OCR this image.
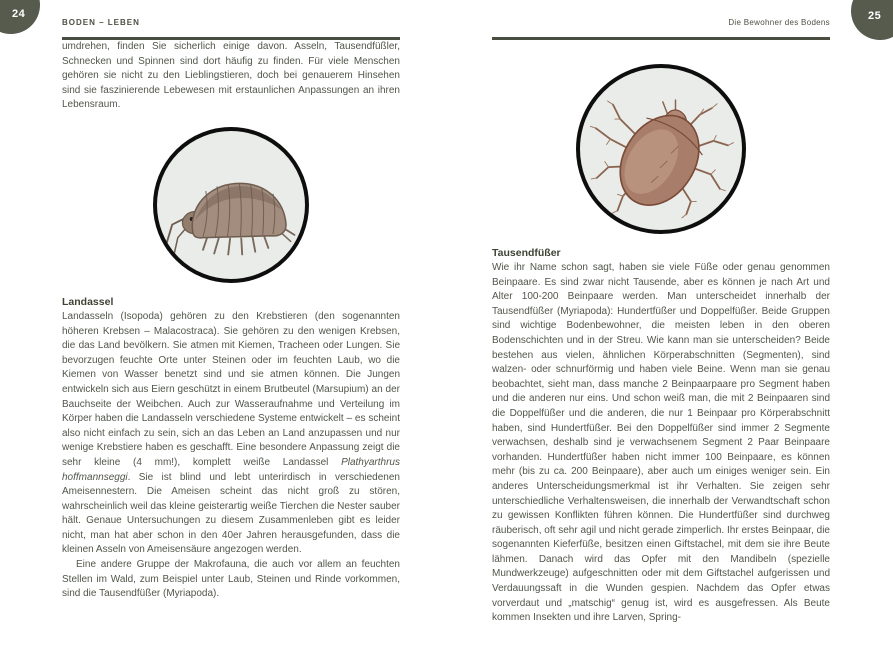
24	25
BODEN – LEBEN

umdrehen, finden Sie sicherlich einige davon. Asseln, Tausendfüßler, Schnecken und Spinnen sind dort häufig zu finden. Für viele Menschen gehören sie nicht zu den Lieblingstieren, doch bei genauerem Hinsehen sind sie faszinierende Lebewesen mit erstaunlichen Anpassungen an ihren Lebensraum.

Landassel

Landasseln (Isopoda) gehören zu den Krebstieren (den sogenannten höheren Krebsen – Malacostraca). Sie gehören zu den wenigen Krebsen, die das Land bevölkern. Sie atmen mit Kiemen, Tracheen oder Lungen. Sie bevorzugen feuchte Orte unter Steinen oder im feuchten Laub, wo die Kiemen von Wasser benetzt sind und sie atmen können. Die Jungen entwickeln sich aus Eiern geschützt in einem Brutbeutel (Marsupium) an der Bauchseite der Weibchen. Auch zur Wasseraufnahme und Verteilung im Körper haben die Landasseln verschiedene Systeme entwickelt – es scheint also nicht einfach zu sein, sich an das Leben an Land anzupassen und nur wenige Krebstiere haben es geschafft. Eine besondere Anpassung zeigt die sehr kleine (4 mm!), komplett weiße Landassel Plathyarthrus hoffmannseggi. Sie ist blind und lebt unterirdisch in verschiedenen Ameisennestern. Die Ameisen scheint das nicht groß zu stören, wahrscheinlich weil das kleine geisterartig weiße Tierchen die Nester sauber hält. Genaue Untersuchungen zu diesem Zusammenleben gibt es leider nicht, man hat aber schon in den 40er Jahren herausgefunden, dass die kleinen Asseln von Ameisensäure angezogen werden.

Eine andere Gruppe der Makrofauna, die auch vor allem an feuchten Stellen im Wald, zum Beispiel unter Laub, Steinen und Rinde vorkommen, sind die Tausendfüßer (Myriapoda).

Die Bewohner des Bodens
Tausendfüßer

Wie ihr Name schon sagt, haben sie viele Füße oder genau genommen Beinpaare. Es sind zwar nicht Tausende, aber es können je nach Art und Alter 100-200 Beinpaare werden. Man unterscheidet innerhalb der Tausendfüßer (Myriapoda): Hundertfüßer und Doppelfüßer. Beide Gruppen sind wichtige Bodenbewohner, die meisten leben in den oberen Bodenschichten und in der Streu. Wie kann man sie unterscheiden? Beide bestehen aus vielen, ähnlichen Körperabschnitten (Segmenten), sind walzen- oder schnurförmig und haben viele Beine. Wenn man sie genau beobachtet, sieht man, dass manche 2 Beinpaarpaare pro Segment haben und die anderen nur eins. Und schon weiß man, die mit 2 Beinpaaren sind die Doppelfüßer und die anderen, die nur 1 Beinpaar pro Körperabschnitt haben, sind Hundertfüßer. Bei den Doppelfüßer sind immer 2 Segmente verwachsen, deshalb sind je verwachsenem Segment 2 Paar Beinpaare vorhanden. Hundertfüßer haben nicht immer 100 Beinpaare, es können mehr (bis zu ca. 200 Beinpaare), aber auch um einiges weniger sein. Ein anderes Unterscheidungsmerkmal ist ihr Verhalten. Sie zeigen sehr unterschiedliche Verhaltensweisen, die innerhalb der Verwandtschaft schon zu gewissen Konflikten führen können. Die Hundertfüßer sind durchweg räuberisch, oft sehr agil und nicht gerade zimperlich. Ihr erstes Beinpaar, die sogenannten Kieferfüße, besitzen einen Giftstachel, mit dem sie ihre Beute lähmen. Danach wird das Opfer mit den Mandibeln (spezielle Mundwerkzeuge) aufgeschnitten oder mit dem Giftstachel aufgerissen und Verdauungssaft in die Wunden gespien. Nachdem das Opfer etwas vorverdaut und „matschig“ genug ist, wird es ausgefressen. Als Beute kommen Insekten und ihre Larven, Spring-
